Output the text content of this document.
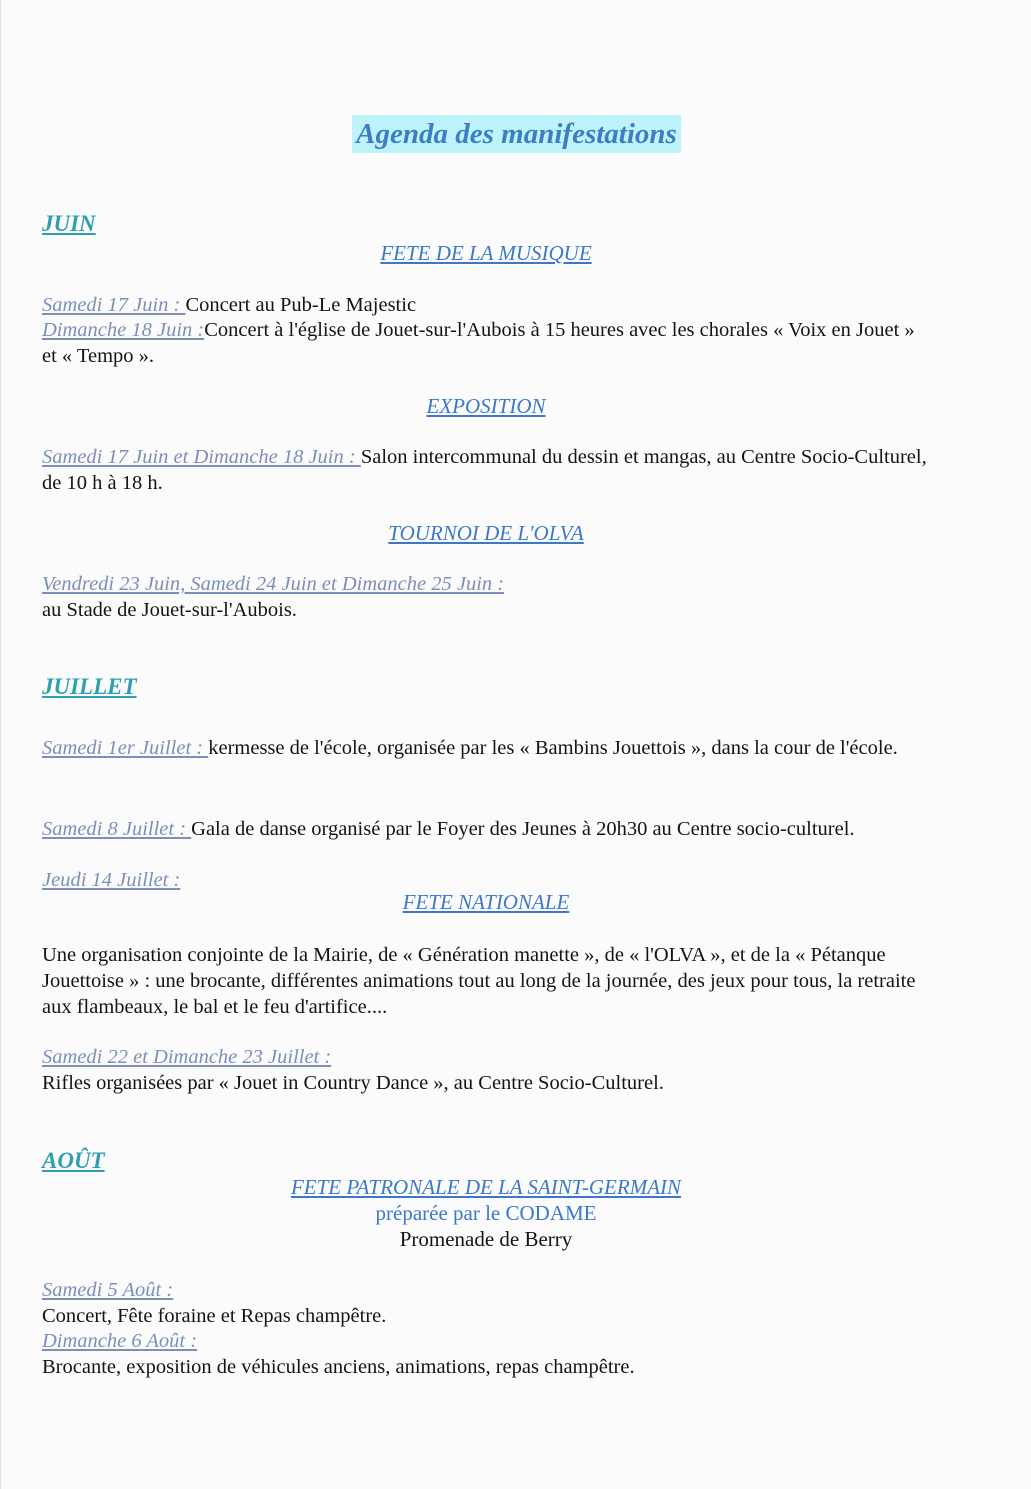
Agenda des manifestations
JUIN
FETE DE LA MUSIQUE
Samedi 17 Juin : Concert au Pub-Le Majestic
Dimanche 18 Juin :Concert à l'église de Jouet-sur-l'Aubois à 15 heures avec les chorales « Voix en Jouet » et « Tempo ».
EXPOSITION
Samedi 17 Juin et Dimanche 18 Juin : Salon intercommunal du dessin et mangas, au Centre Socio-Culturel, de 10 h à 18 h.
TOURNOI DE L'OLVA
Vendredi 23 Juin, Samedi 24 Juin et Dimanche 25 Juin :
au Stade de Jouet-sur-l'Aubois.
JUILLET
Samedi 1er Juillet : kermesse de l'école, organisée par les « Bambins Jouettois », dans la cour de l'école.
Samedi 8 Juillet : Gala de danse organisé par le Foyer des Jeunes à 20h30 au Centre socio-culturel.
Jeudi 14 Juillet :
FETE NATIONALE
Une organisation conjointe de la Mairie, de « Génération manette », de « l'OLVA », et de la « Pétanque Jouettoise » : une brocante, différentes animations tout au long de la journée, des jeux pour tous, la retraite aux flambeaux, le bal et le feu d'artifice....
Samedi 22 et Dimanche 23 Juillet :
Rifles organisées par « Jouet in Country Dance », au Centre Socio-Culturel.
AOÛT
FETE PATRONALE DE LA SAINT-GERMAIN
préparée par le CODAME
Promenade de Berry
Samedi 5 Août :
Concert, Fête foraine et Repas champêtre.
Dimanche 6 Août :
Brocante, exposition de véhicules anciens, animations, repas champêtre.
